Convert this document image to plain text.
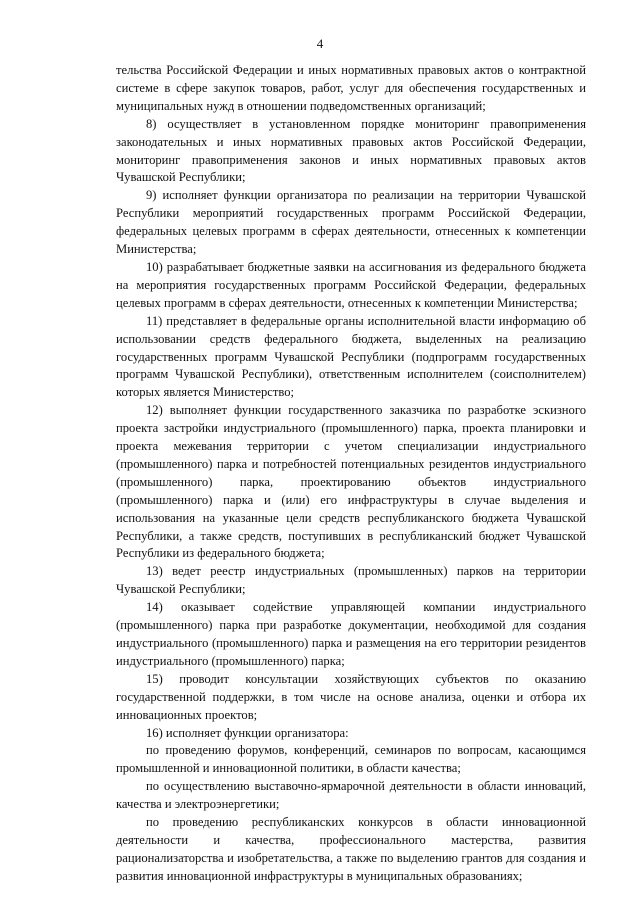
4

тельства Российской Федерации и иных нормативных правовых актов о контрактной системе в сфере закупок товаров, работ, услуг для обеспечения государственных и муниципальных нужд в отношении подведомственных организаций;

8) осуществляет в установленном порядке мониторинг правоприменения законодательных и иных нормативных правовых актов Российской Федерации, мониторинг правоприменения законов и иных нормативных правовых актов Чувашской Республики;

9) исполняет функции организатора по реализации на территории Чувашской Республики мероприятий государственных программ Российской Федерации, федеральных целевых программ в сферах деятельности, отнесенных к компетенции Министерства;

10) разрабатывает бюджетные заявки на ассигнования из федерального бюджета на мероприятия государственных программ Российской Федерации, федеральных целевых программ в сферах деятельности, отнесенных к компетенции Министерства;

11) представляет в федеральные органы исполнительной власти информацию об использовании средств федерального бюджета, выделенных на реализацию государственных программ Чувашской Республики (подпрограмм государственных программ Чувашской Республики), ответственным исполнителем (соисполнителем) которых является Министерство;

12) выполняет функции государственного заказчика по разработке эскизного проекта застройки индустриального (промышленного) парка, проекта планировки и проекта межевания территории с учетом специализации индустриального (промышленного) парка и потребностей потенциальных резидентов индустриального (промышленного) парка, проектированию объектов индустриального (промышленного) парка и (или) его инфраструктуры в случае выделения и использования на указанные цели средств республиканского бюджета Чувашской Республики, а также средств, поступивших в республиканский бюджет Чувашской Республики из федерального бюджета;

13) ведет реестр индустриальных (промышленных) парков на территории Чувашской Республики;

14) оказывает содействие управляющей компании индустриального (промышленного) парка при разработке документации, необходимой для создания индустриального (промышленного) парка и размещения на его территории резидентов индустриального (промышленного) парка;

15) проводит консультации хозяйствующих субъектов по оказанию государственной поддержки, в том числе на основе анализа, оценки и отбора их инновационных проектов;

16) исполняет функции организатора:

по проведению форумов, конференций, семинаров по вопросам, касающимся промышленной и инновационной политики, в области качества;

по осуществлению выставочно-ярмарочной деятельности в области инноваций, качества и электроэнергетики;

по проведению республиканских конкурсов в области инновационной деятельности и качества, профессионального мастерства, развития рационализаторства и изобретательства, а также по выделению грантов для создания и развития инновационной инфраструктуры в муниципальных образованиях;
